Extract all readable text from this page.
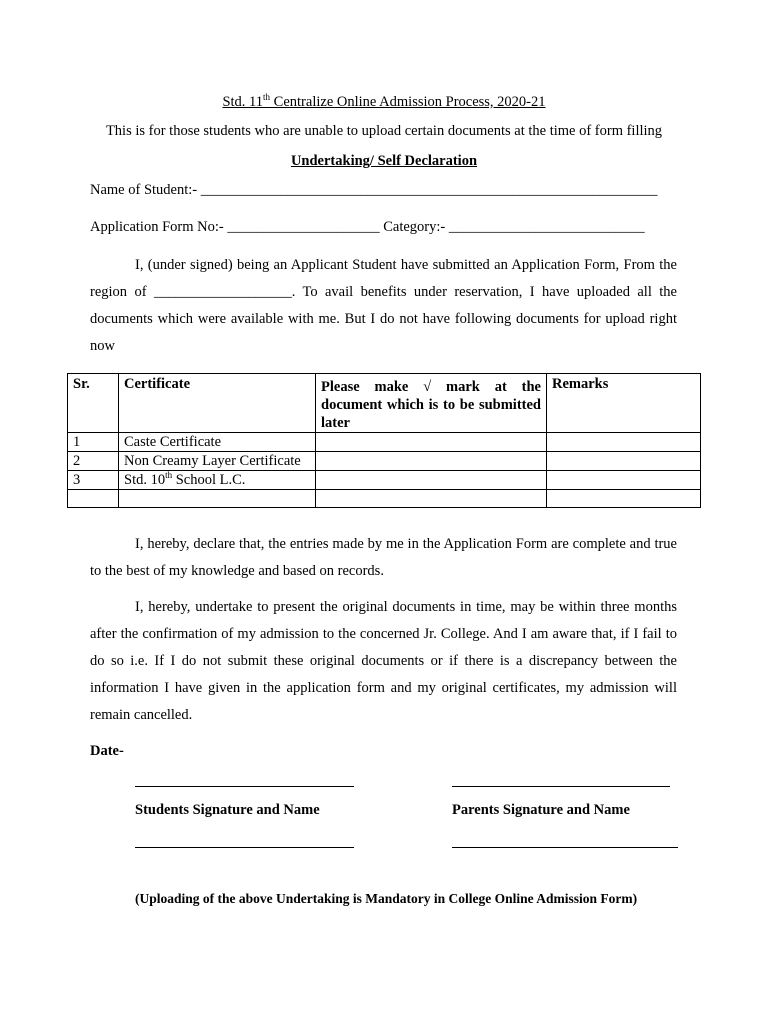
Std. 11th Centralize Online Admission Process, 2020-21
This is for those students who are unable to upload certain documents at the time of form filling
Undertaking/ Self Declaration
Name of Student:- _______________________________________________________________
Application Form No:- _____________________ Category:- ___________________________
I, (under signed) being an Applicant Student have submitted an Application Form, From the region of ___________________. To avail benefits under reservation, I have uploaded all the documents which were available with me. But I do not have following documents for upload right now
Sr.	Certificate	Please make √ mark at the document which is to be submitted later	Remarks
1	Caste Certificate		
2	Non Creamy Layer Certificate		
3	Std. 10th School L.C.		

I, hereby, declare that, the entries made by me in the Application Form are complete and true to the best of my knowledge and based on records.
I, hereby, undertake to present the original documents in time, may be within three months after the confirmation of my admission to the concerned Jr. College. And I am aware that, if I fail to do so i.e. If I do not submit these original documents or if there is a discrepancy between the information I have given in the application form and my original certificates, my admission will remain cancelled.
Date-
Students Signature and Name	Parents Signature and Name
(Uploading of the above Undertaking is Mandatory in College Online Admission Form)
